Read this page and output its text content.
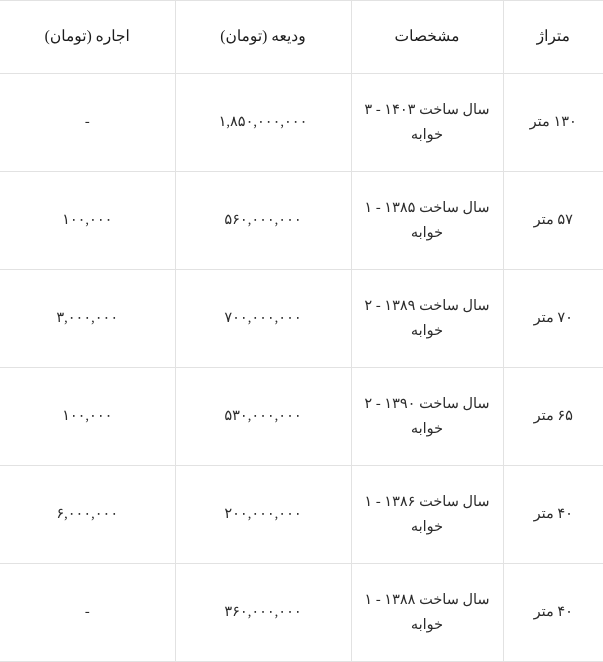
متراژ	مشخصات	ودیعه (تومان)	اجاره (تومان)
۱۳۰ متر	سال ساخت ۱۴۰۳ - ۳ خوابه	۱,۸۵۰,۰۰۰,۰۰۰	-
۵۷ متر	سال ساخت ۱۳۸۵ - ۱ خوابه	۵۶۰,۰۰۰,۰۰۰	۱۰۰,۰۰۰
۷۰ متر	سال ساخت ۱۳۸۹ - ۲ خوابه	۷۰۰,۰۰۰,۰۰۰	۳,۰۰۰,۰۰۰
۶۵ متر	سال ساخت ۱۳۹۰ - ۲ خوابه	۵۳۰,۰۰۰,۰۰۰	۱۰۰,۰۰۰
۴۰ متر	سال ساخت ۱۳۸۶ - ۱ خوابه	۲۰۰,۰۰۰,۰۰۰	۶,۰۰۰,۰۰۰
۴۰ متر	سال ساخت ۱۳۸۸ - ۱ خوابه	۳۶۰,۰۰۰,۰۰۰	-
